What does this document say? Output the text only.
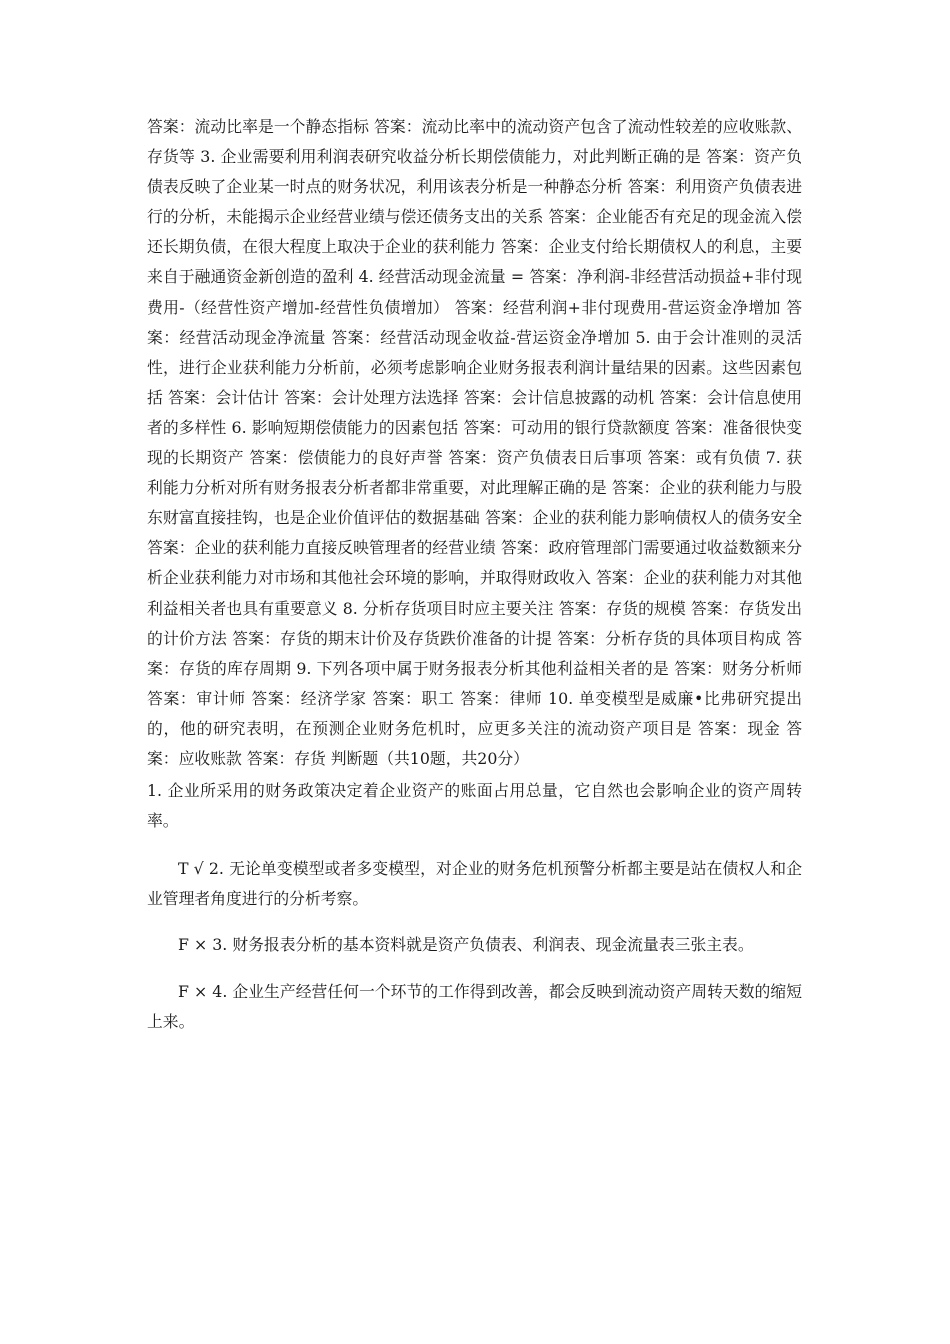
答案：流动比率是一个静态指标 答案：流动比率中的流动资产包含了流动性较差的应收账款、存货等 3. 企业需要利用利润表研究收益分析长期偿债能力，对此判断正确的是 答案：资产负债表反映了企业某一时点的财务状况，利用该表分析是一种静态分析 答案：利用资产负债表进行的分析，未能揭示企业经营业绩与偿还债务支出的关系 答案：企业能否有充足的现金流入偿还长期负债，在很大程度上取决于企业的获利能力 答案：企业支付给长期债权人的利息，主要来自于融通资金新创造的盈利 4. 经营活动现金流量 = 答案：净利润-非经营活动损益+非付现费用-（经营性资产增加-经营性负债增加） 答案：经营利润+非付现费用-营运资金净增加 答案：经营活动现金净流量 答案：经营活动现金收益-营运资金净增加 5. 由于会计准则的灵活性，进行企业获利能力分析前，必须考虑影响企业财务报表利润计量结果的因素。这些因素包括 答案：会计估计 答案：会计处理方法选择 答案：会计信息披露的动机 答案：会计信息使用者的多样性 6. 影响短期偿债能力的因素包括 答案：可动用的银行贷款额度 答案：准备很快变现的长期资产 答案：偿债能力的良好声誉 答案：资产负债表日后事项 答案：或有负债 7. 获利能力分析对所有财务报表分析者都非常重要，对此理解正确的是 答案：企业的获利能力与股东财富直接挂钩，也是企业价值评估的数据基础 答案：企业的获利能力影响债权人的债务安全 答案：企业的获利能力直接反映管理者的经营业绩 答案：政府管理部门需要通过收益数额来分析企业获利能力对市场和其他社会环境的影响，并取得财政收入 答案：企业的获利能力对其他利益相关者也具有重要意义 8. 分析存货项目时应主要关注 答案：存货的规模 答案：存货发出的计价方法 答案：存货的期末计价及存货跌价准备的计提 答案：分析存货的具体项目构成 答案：存货的库存周期 9. 下列各项中属于财务报表分析其他利益相关者的是 答案：财务分析师 答案：审计师 答案：经济学家 答案：职工 答案：律师 10. 单变模型是威廉•比弗研究提出的，他的研究表明，在预测企业财务危机时，应更多关注的流动资产项目是 答案：现金 答案：应收账款 答案：存货 判断题（共10题，共20分）

1. 企业所采用的财务政策决定着企业资产的账面占用总量，它自然也会影响企业的资产周转率。

T √ 2. 无论单变模型或者多变模型，对企业的财务危机预警分析都主要是站在债权人和企业管理者角度进行的分析考察。

F × 3. 财务报表分析的基本资料就是资产负债表、利润表、现金流量表三张主表。

F × 4. 企业生产经营任何一个环节的工作得到改善，都会反映到流动资产周转天数的缩短上来。
